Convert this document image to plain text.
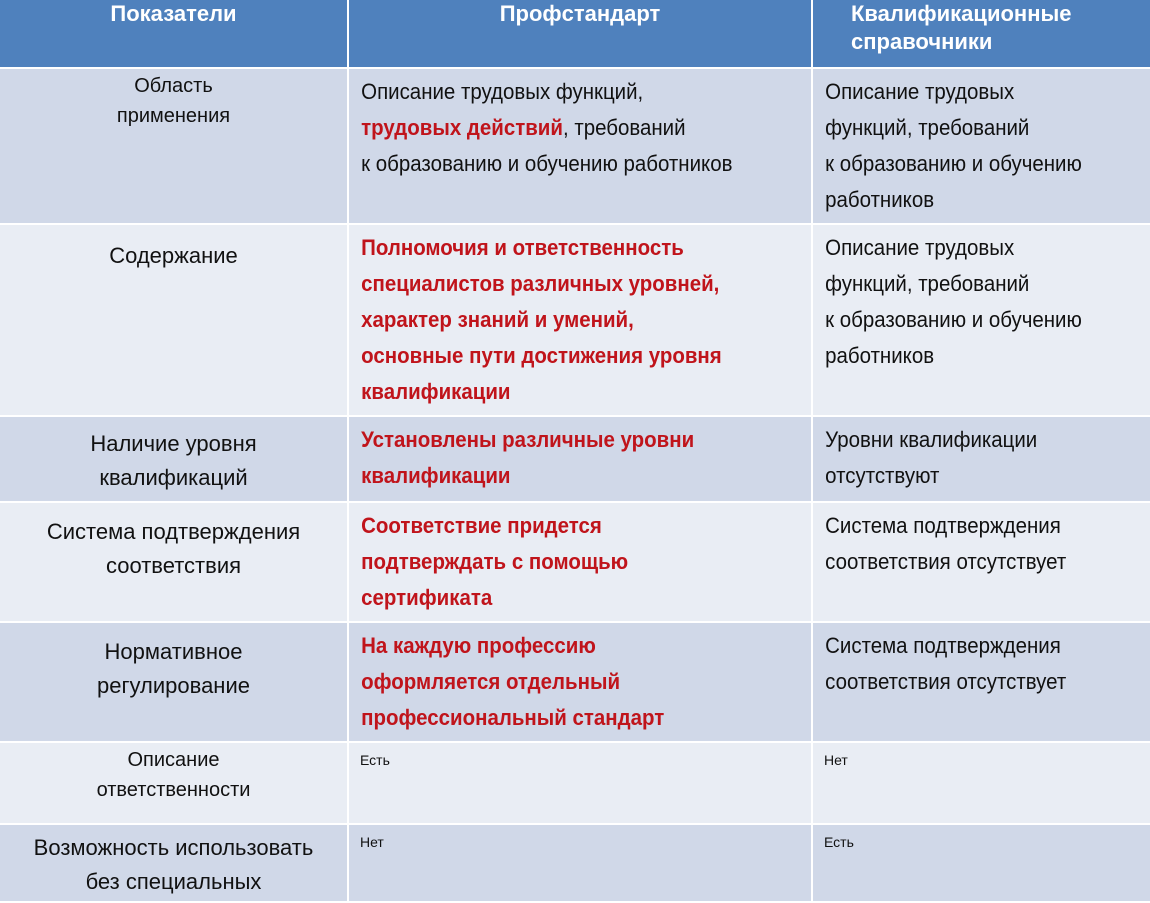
Показатели	Профстандарт	Квалификационные
справочники

Область
применения	Описание трудовых функций,
трудовых действий, требований
к образованию и обучению работников	Описание трудовых
функций, требований
к образованию и обучению
работников

Содержание	Полномочия и ответственность
специалистов различных уровней,
характер знаний и умений,
основные пути достижения уровня
квалификации	Описание трудовых
функций, требований
к образованию и обучению
работников

Наличие уровня
квалификаций	Установлены различные уровни
квалификации	Уровни квалификации
отсутствуют

Система подтверждения
соответствия	Соответствие придется
подтверждать с помощью
сертификата	Система подтверждения
соответствия отсутствует

Нормативное
регулирование	На каждую профессию
оформляется отдельный
профессиональный стандарт	Система подтверждения
соответствия отсутствует

Описание
ответственности	Есть	Нет

Возможность использовать
без специальных	Нет	Есть
